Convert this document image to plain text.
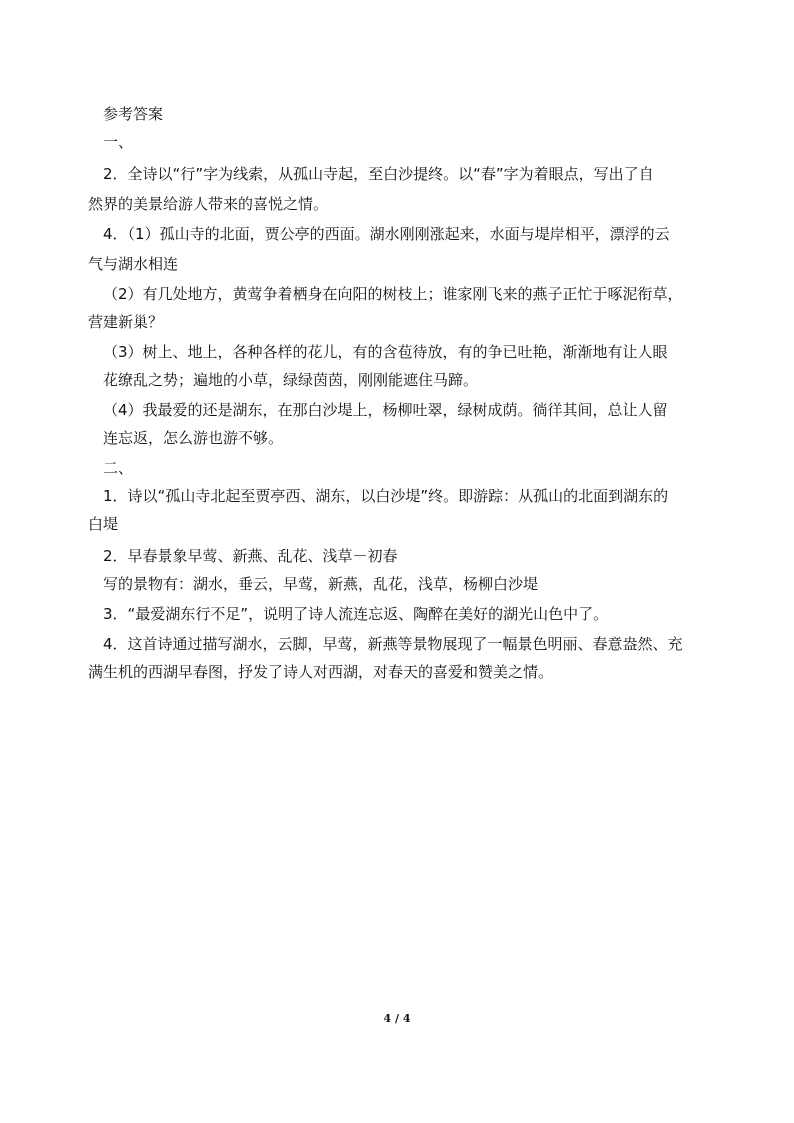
参考答案
一、
2．全诗以“行”字为线索，从孤山寺起，至白沙提终。以“春”字为着眼点，写出了自
然界的美景给游人带来的喜悦之情。
4．（1）孤山寺的北面，贾公亭的西面。湖水刚刚涨起来，水面与堤岸相平，漂浮的云
气与湖水相连
（2）有几处地方，黄莺争着栖身在向阳的树枝上；谁家刚飞来的燕子正忙于啄泥衔草，
营建新巢？
（3）树上、地上，各种各样的花儿，有的含苞待放，有的争已吐艳，渐渐地有让人眼
花缭乱之势；遍地的小草，绿绿茵茵，刚刚能遮住马蹄。
（4）我最爱的还是湖东，在那白沙堤上，杨柳吐翠，绿树成荫。徜徉其间，总让人留
连忘返，怎么游也游不够。
二、
1．诗以“孤山寺北起至贾亭西、湖东，以白沙堤”终。即游踪：从孤山的北面到湖东的
白堤
2．早春景象早莺、新燕、乱花、浅草－初春
写的景物有：湖水，垂云，早莺，新燕，乱花，浅草，杨柳白沙堤
3．“最爱湖东行不足”，说明了诗人流连忘返、陶醉在美好的湖光山色中了。
4．这首诗通过描写湖水，云脚，早莺，新燕等景物展现了一幅景色明丽、春意盎然、充
满生机的西湖早春图，抒发了诗人对西湖，对春天的喜爱和赞美之情。
4 / 4
